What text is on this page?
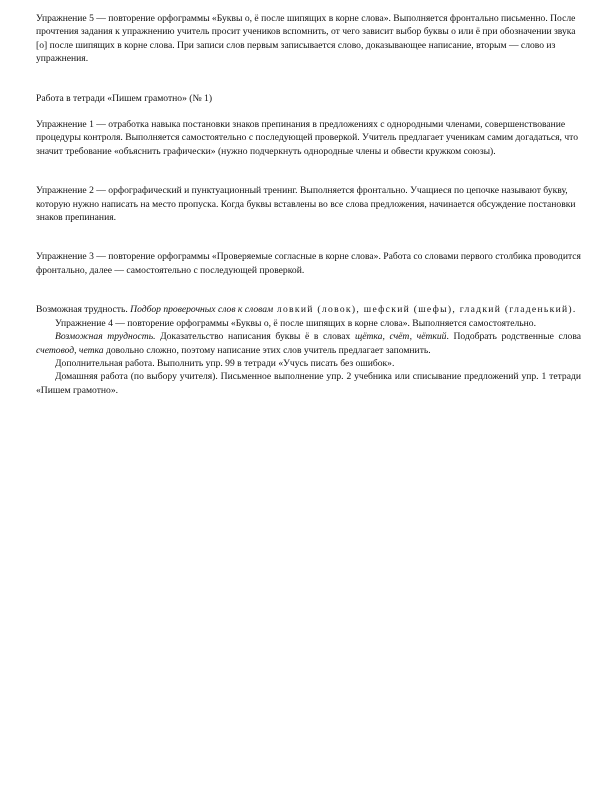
Упражнение 5 — повторение орфограммы «Буквы о, ё после шипящих в корне слова». Выполняется фронтально письменно. После прочтения задания к упражнению учитель просит учеников вспомнить, от чего зависит выбор буквы о или ё при обозначении звука [о] после шипящих в корне слова. При записи слов первым записывается слово, доказывающее написание, вторым — слово из упражнения.

Работа в тетради «Пишем грамотно» (№ 1)

Упражнение 1 — отработка навыка постановки знаков препинания в предложениях с однородными членами, совершенствование процедуры контроля. Выполняется самостоятельно с последующей проверкой. Учитель предлагает ученикам самим догадаться, что значит требование «объяснить графически» (нужно подчеркнуть однородные члены и обвести кружком союзы).

Упражнение 2 — орфографический и пунктуационный тренинг. Выполняется фронтально. Учащиеся по цепочке называют букву, которую нужно написать на место пропуска. Когда буквы вставлены во все слова предложения, начинается обсуждение постановки знаков препинания.

Упражнение 3 — повторение орфограммы «Проверяемые согласные в корне слова». Работа со словами первого столбика проводится фронтально, далее — самостоятельно с последующей проверкой.

Возможная трудность. Подбор проверочных слов к словам ловкий (ловок), шефский (шефы), гладкий (гладенький).

Упражнение 4 — повторение орфограммы «Буквы о, ё после шипящих в корне слова». Выполняется самостоятельно.

Возможная трудность. Доказательство написания буквы ё в словах щётка, счёт, чёткий. Подобрать родственные слова счетовод, четка довольно сложно, поэтому написание этих слов учитель предлагает запомнить.

Дополнительная работа. Выполнить упр. 99 в тетради «Учусь писать без ошибок».

Домашняя работа (по выбору учителя). Письменное выполнение упр. 2 учебника или списывание предложений упр. 1 тетради «Пишем грамотно».
